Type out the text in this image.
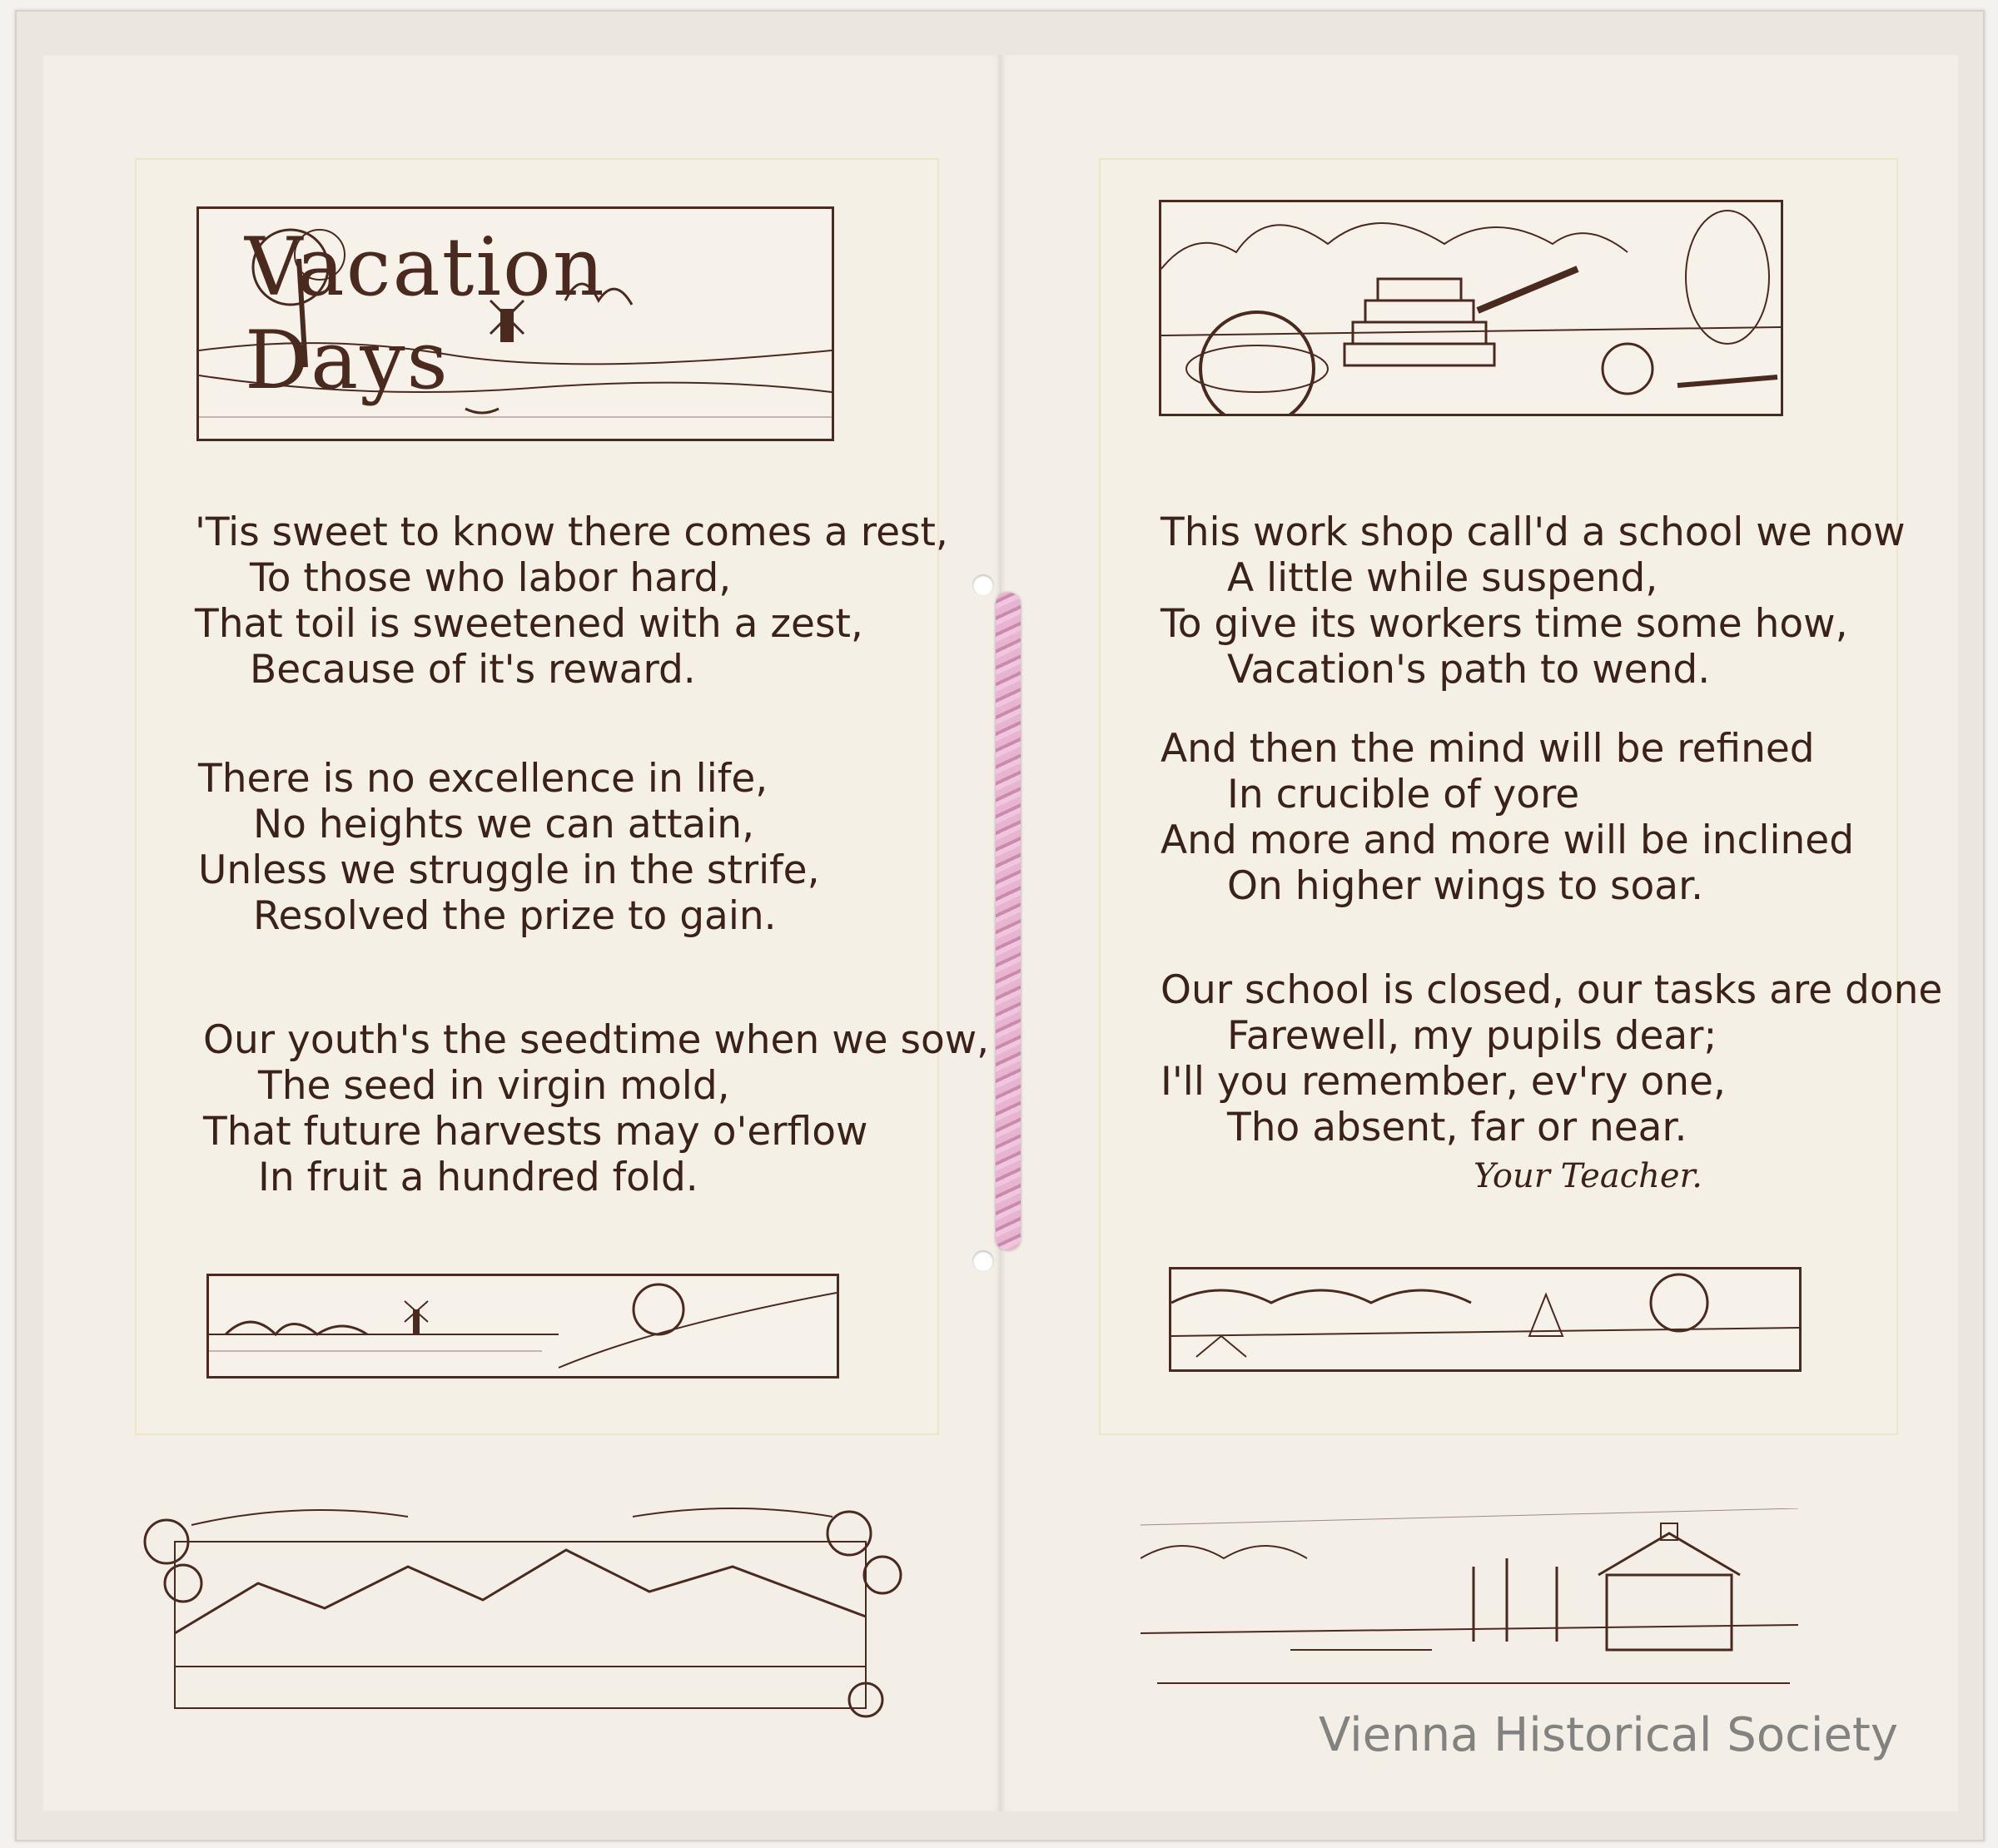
Vacation Days
'Tis sweet to know there comes a rest,
To those who labor hard,
That toil is sweetened with a zest,
Because of it's reward.
There is no excellence in life,
No heights we can attain,
Unless we struggle in the strife,
Resolved the prize to gain.
Our youth's the seedtime when we sow,
The seed in virgin mold,
That future harvests may o'erflow
In fruit a hundred fold.
This work shop call'd a school we now
A little while suspend,
To give its workers time some how,
Vacation's path to wend.
And then the mind will be refined
In crucible of yore
And more and more will be inclined
On higher wings to soar.
Our school is closed, our tasks are done
Farewell, my pupils dear;
I'll you remember, ev'ry one,
Tho absent, far or near.
Your Teacher.
Vienna Historical Society
